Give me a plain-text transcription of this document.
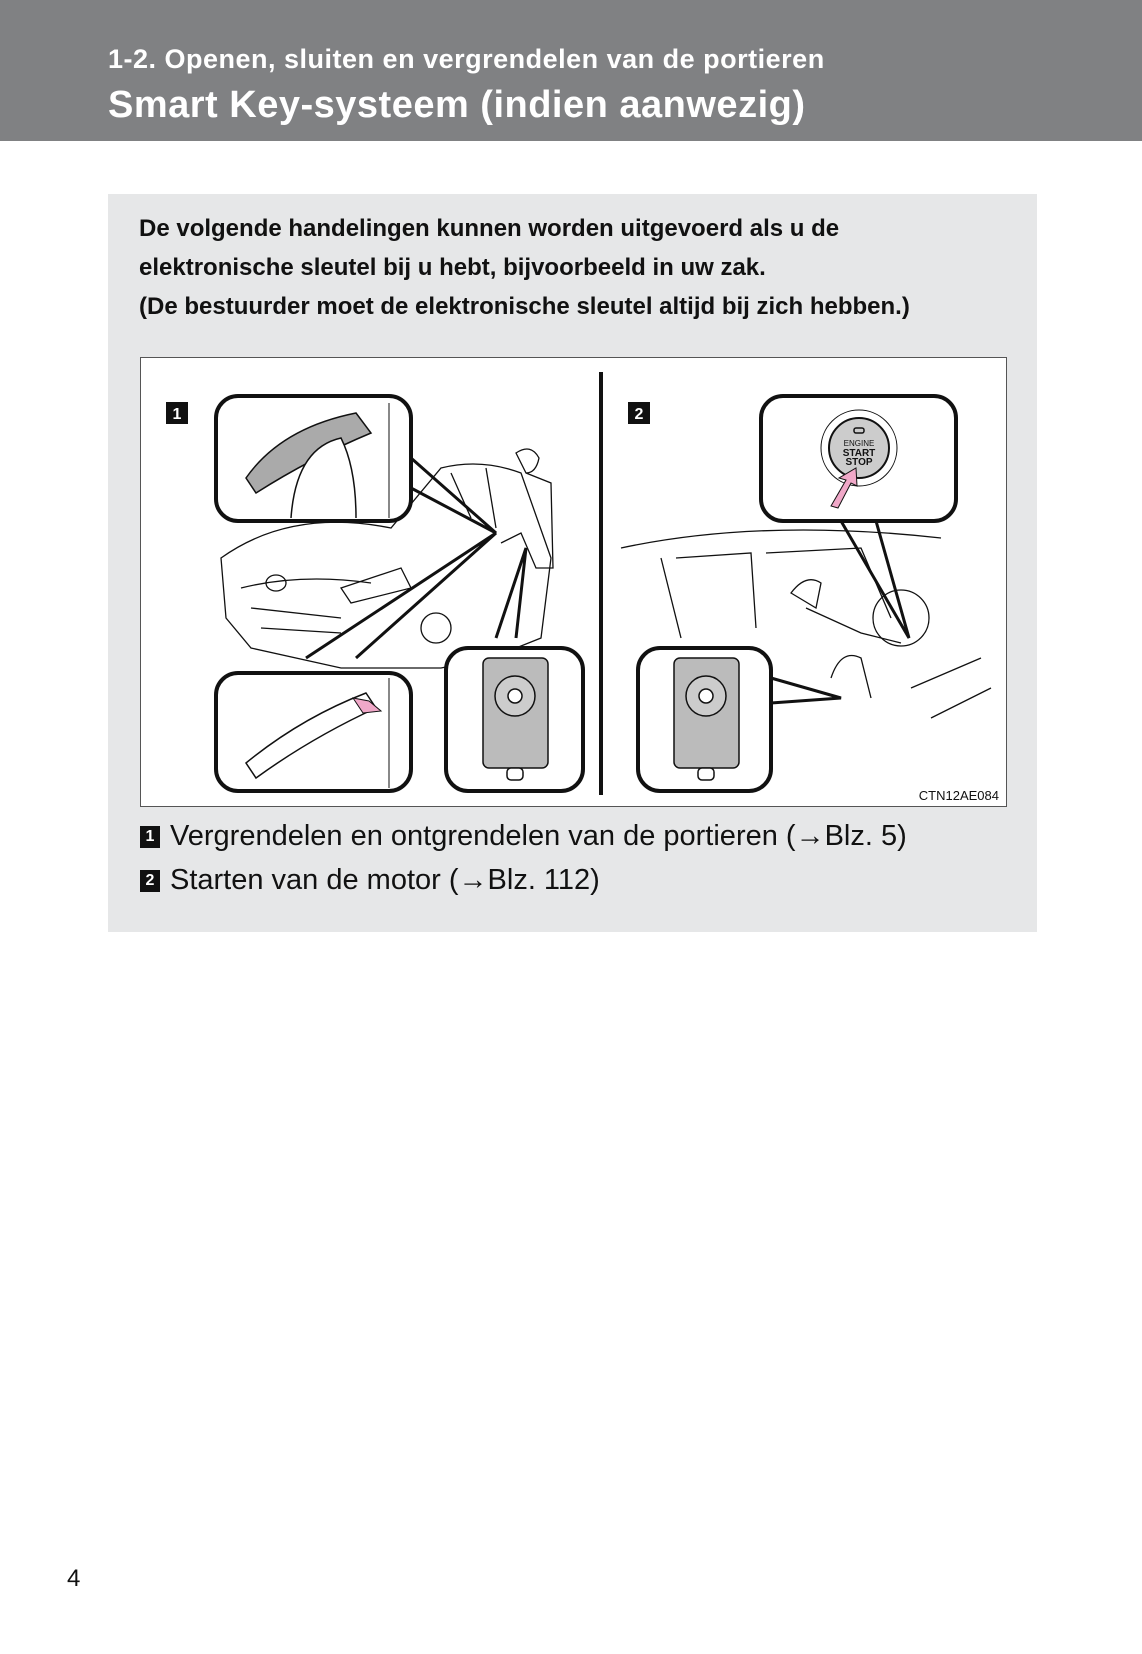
1-2. Openen, sluiten en vergrendelen van de portieren
Smart Key-systeem (indien aanwezig)

De volgende handelingen kunnen worden uitgevoerd als u de elektronische sleutel bij u hebt, bijvoorbeeld in uw zak.

(De bestuurder moet de elektronische sleutel altijd bij zich hebben.)

1	2
ENGINE
START
STOP
CTN12AE084
1 Vergrendelen en ontgrendelen van de portieren (→Blz. 5)
2 Starten van de motor (→Blz. 112)
4
